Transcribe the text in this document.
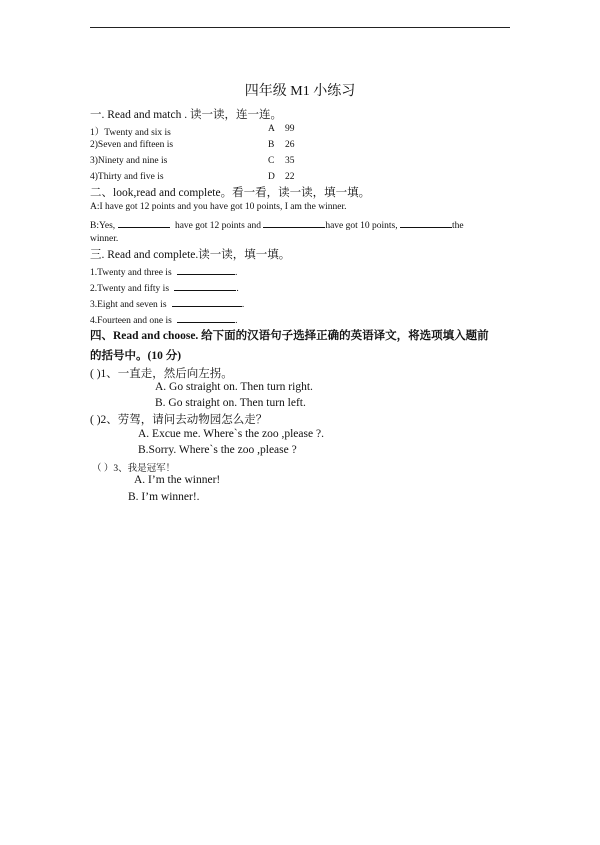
四年级 M1 小练习
一. Read and match . 读一读，连一连。
1）Twenty and six is	A 99
2)Seven and fifteen is	B 26
3)Ninety and nine is	C 35
4)Thirty and five is	D 22
二、look,read and complete。看一看，读一读，填一填。
A:I have got 12 points and you have got 10 points, I am the winner.
B:Yes,	have got 12 points and	have got 10 points,	the
winner.
三. Read and complete.读一读，填一填。
1.Twenty and three is	.
2.Twenty and fifty is	.
3.Eight and seven is	.
4.Fourteen and one is	.
四、Read and choose. 给下面的汉语句子选择正确的英语译文，将选项填入题前
的括号中。(10 分)
( )1、一直走，然后向左拐。
A. Go straight on. Then turn right.
B. Go straight on. Then turn left.
( )2、劳驾，请问去动物园怎么走？
A. Excue me. Where`s the zoo ,please ?.
B.Sorry. Where`s the zoo ,please ?
（ ）3、我是冠军！
A. I’m the winner!
B. I’m winner!.
